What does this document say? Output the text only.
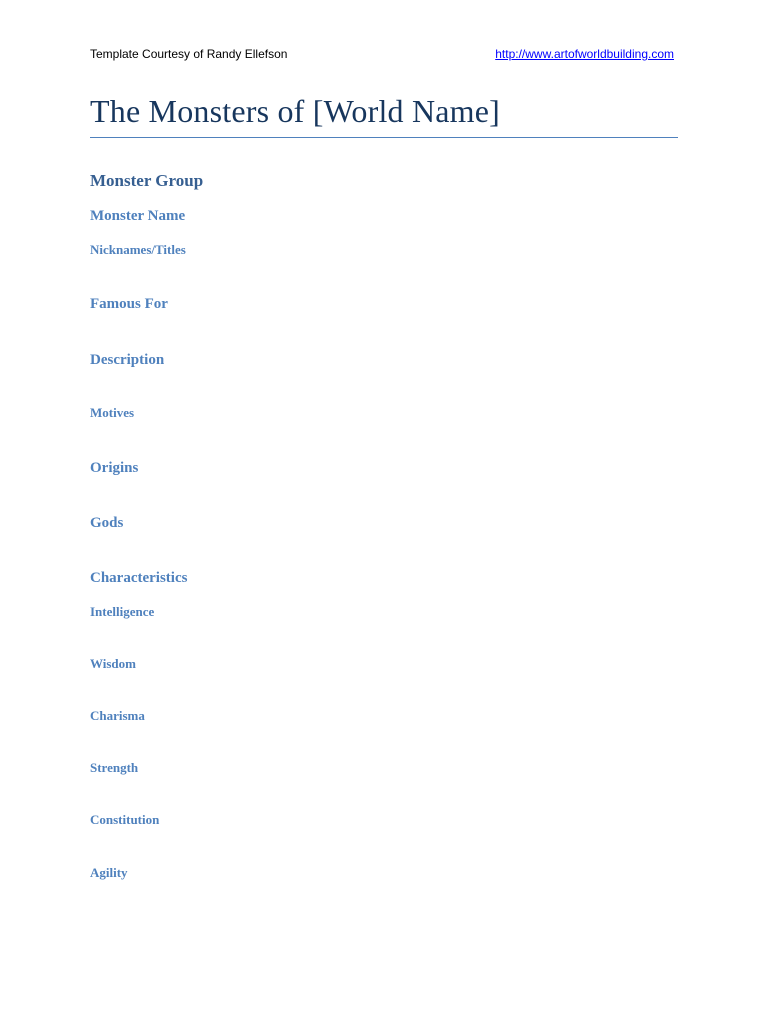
Template Courtesy of Randy Ellefson	http://www.artofworldbuilding.com
The Monsters of [World Name]
Monster Group
Monster Name
Nicknames/Titles
Famous For
Description
Motives
Origins
Gods
Characteristics
Intelligence
Wisdom
Charisma
Strength
Constitution
Agility
